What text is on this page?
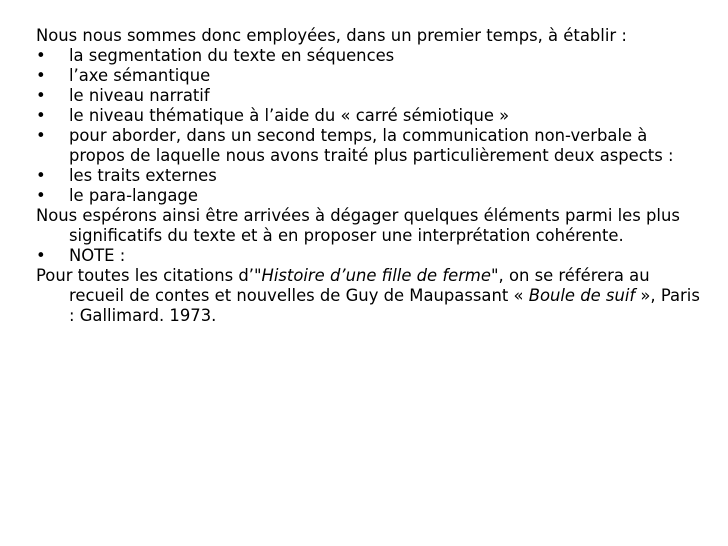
Nous nous sommes donc employées, dans un premier temps, à établir :

•	la segmentation du texte en séquences
•	l’axe sémantique
•	le niveau narratif
•	le niveau thématique à l’aide du « carré sémiotique »
•	pour aborder, dans un second temps, la communication non-verbale à propos de laquelle nous avons traité plus particulièrement deux aspects :
•	les traits externes
•	le para-langage

Nous espérons ainsi être arrivées à dégager quelques éléments parmi les plus significatifs du texte et à en proposer une interprétation cohérente.

•	NOTE :

Pour toutes les citations d’"Histoire d’une fille de ferme", on se référera au recueil de contes et nouvelles de Guy de Maupassant « Boule de suif », Paris : Gallimard. 1973.
